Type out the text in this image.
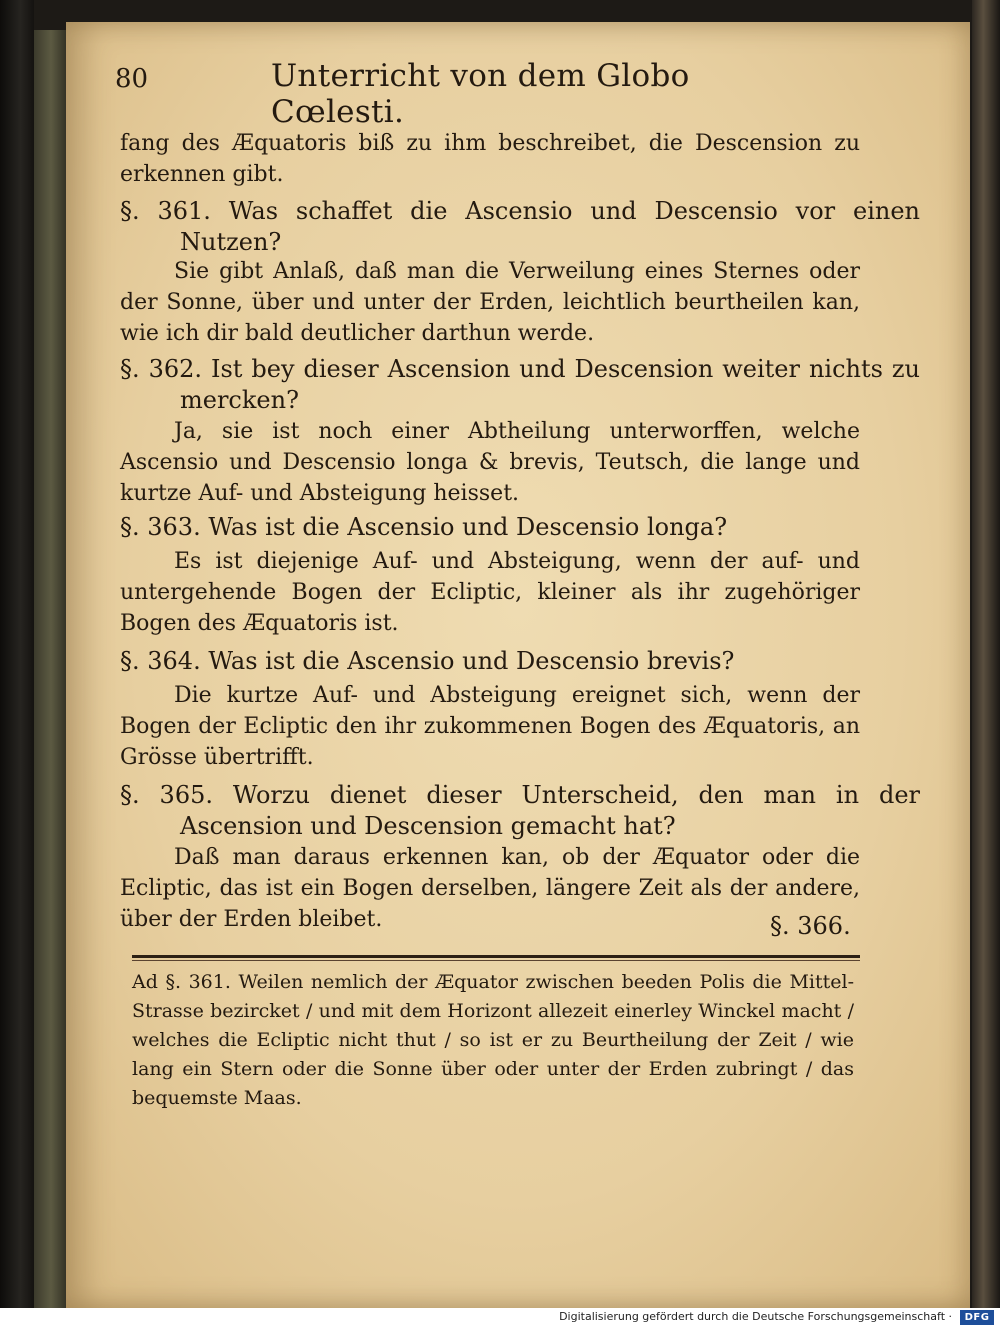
80	Unterricht von dem Globo Cœlesti.

fang des Æquatoris biß zu ihm beschreibet, die Descension zu erkennen gibt.

§. 361. Was schaffet die Ascensio und Descensio vor einen Nutzen?

Sie gibt Anlaß, daß man die Verweilung eines Sternes oder der Sonne, über und unter der Erden, leichtlich beurtheilen kan, wie ich dir bald deutlicher darthun werde.

§. 362. Ist bey dieser Ascension und Descension weiter nichts zu mercken?

Ja, sie ist noch einer Abtheilung unterworffen, welche Ascensio und Descensio longa & brevis, Teutsch, die lange und kurtze Auf- und Absteigung heisset.

§. 363. Was ist die Ascensio und Descensio longa?

Es ist diejenige Auf- und Absteigung, wenn der auf- und untergehende Bogen der Ecliptic, kleiner als ihr zugehöriger Bogen des Æquatoris ist.

§. 364. Was ist die Ascensio und Descensio brevis?

Die kurtze Auf- und Absteigung ereignet sich, wenn der Bogen der Ecliptic den ihr zukommenen Bogen des Æquatoris, an Grösse übertrifft.

§. 365. Worzu dienet dieser Unterscheid, den man in der Ascension und Descension gemacht hat?

Daß man daraus erkennen kan, ob der Æquator oder die Ecliptic, das ist ein Bogen derselben, längere Zeit als der andere, über der Erden bleibet.	§. 366.

Ad §. 361. Weilen nemlich der Æquator zwischen beeden Polis die Mittel-Strasse bezircket / und mit dem Horizont allezeit einerley Winckel macht / welches die Ecliptic nicht thut / so ist er zu Beurtheilung der Zeit / wie lang ein Stern oder die Sonne über oder unter der Erden zubringt / das bequemste Maas.

Digitalisierung gefördert durch die Deutsche Forschungsgemeinschaft ·	DFG
